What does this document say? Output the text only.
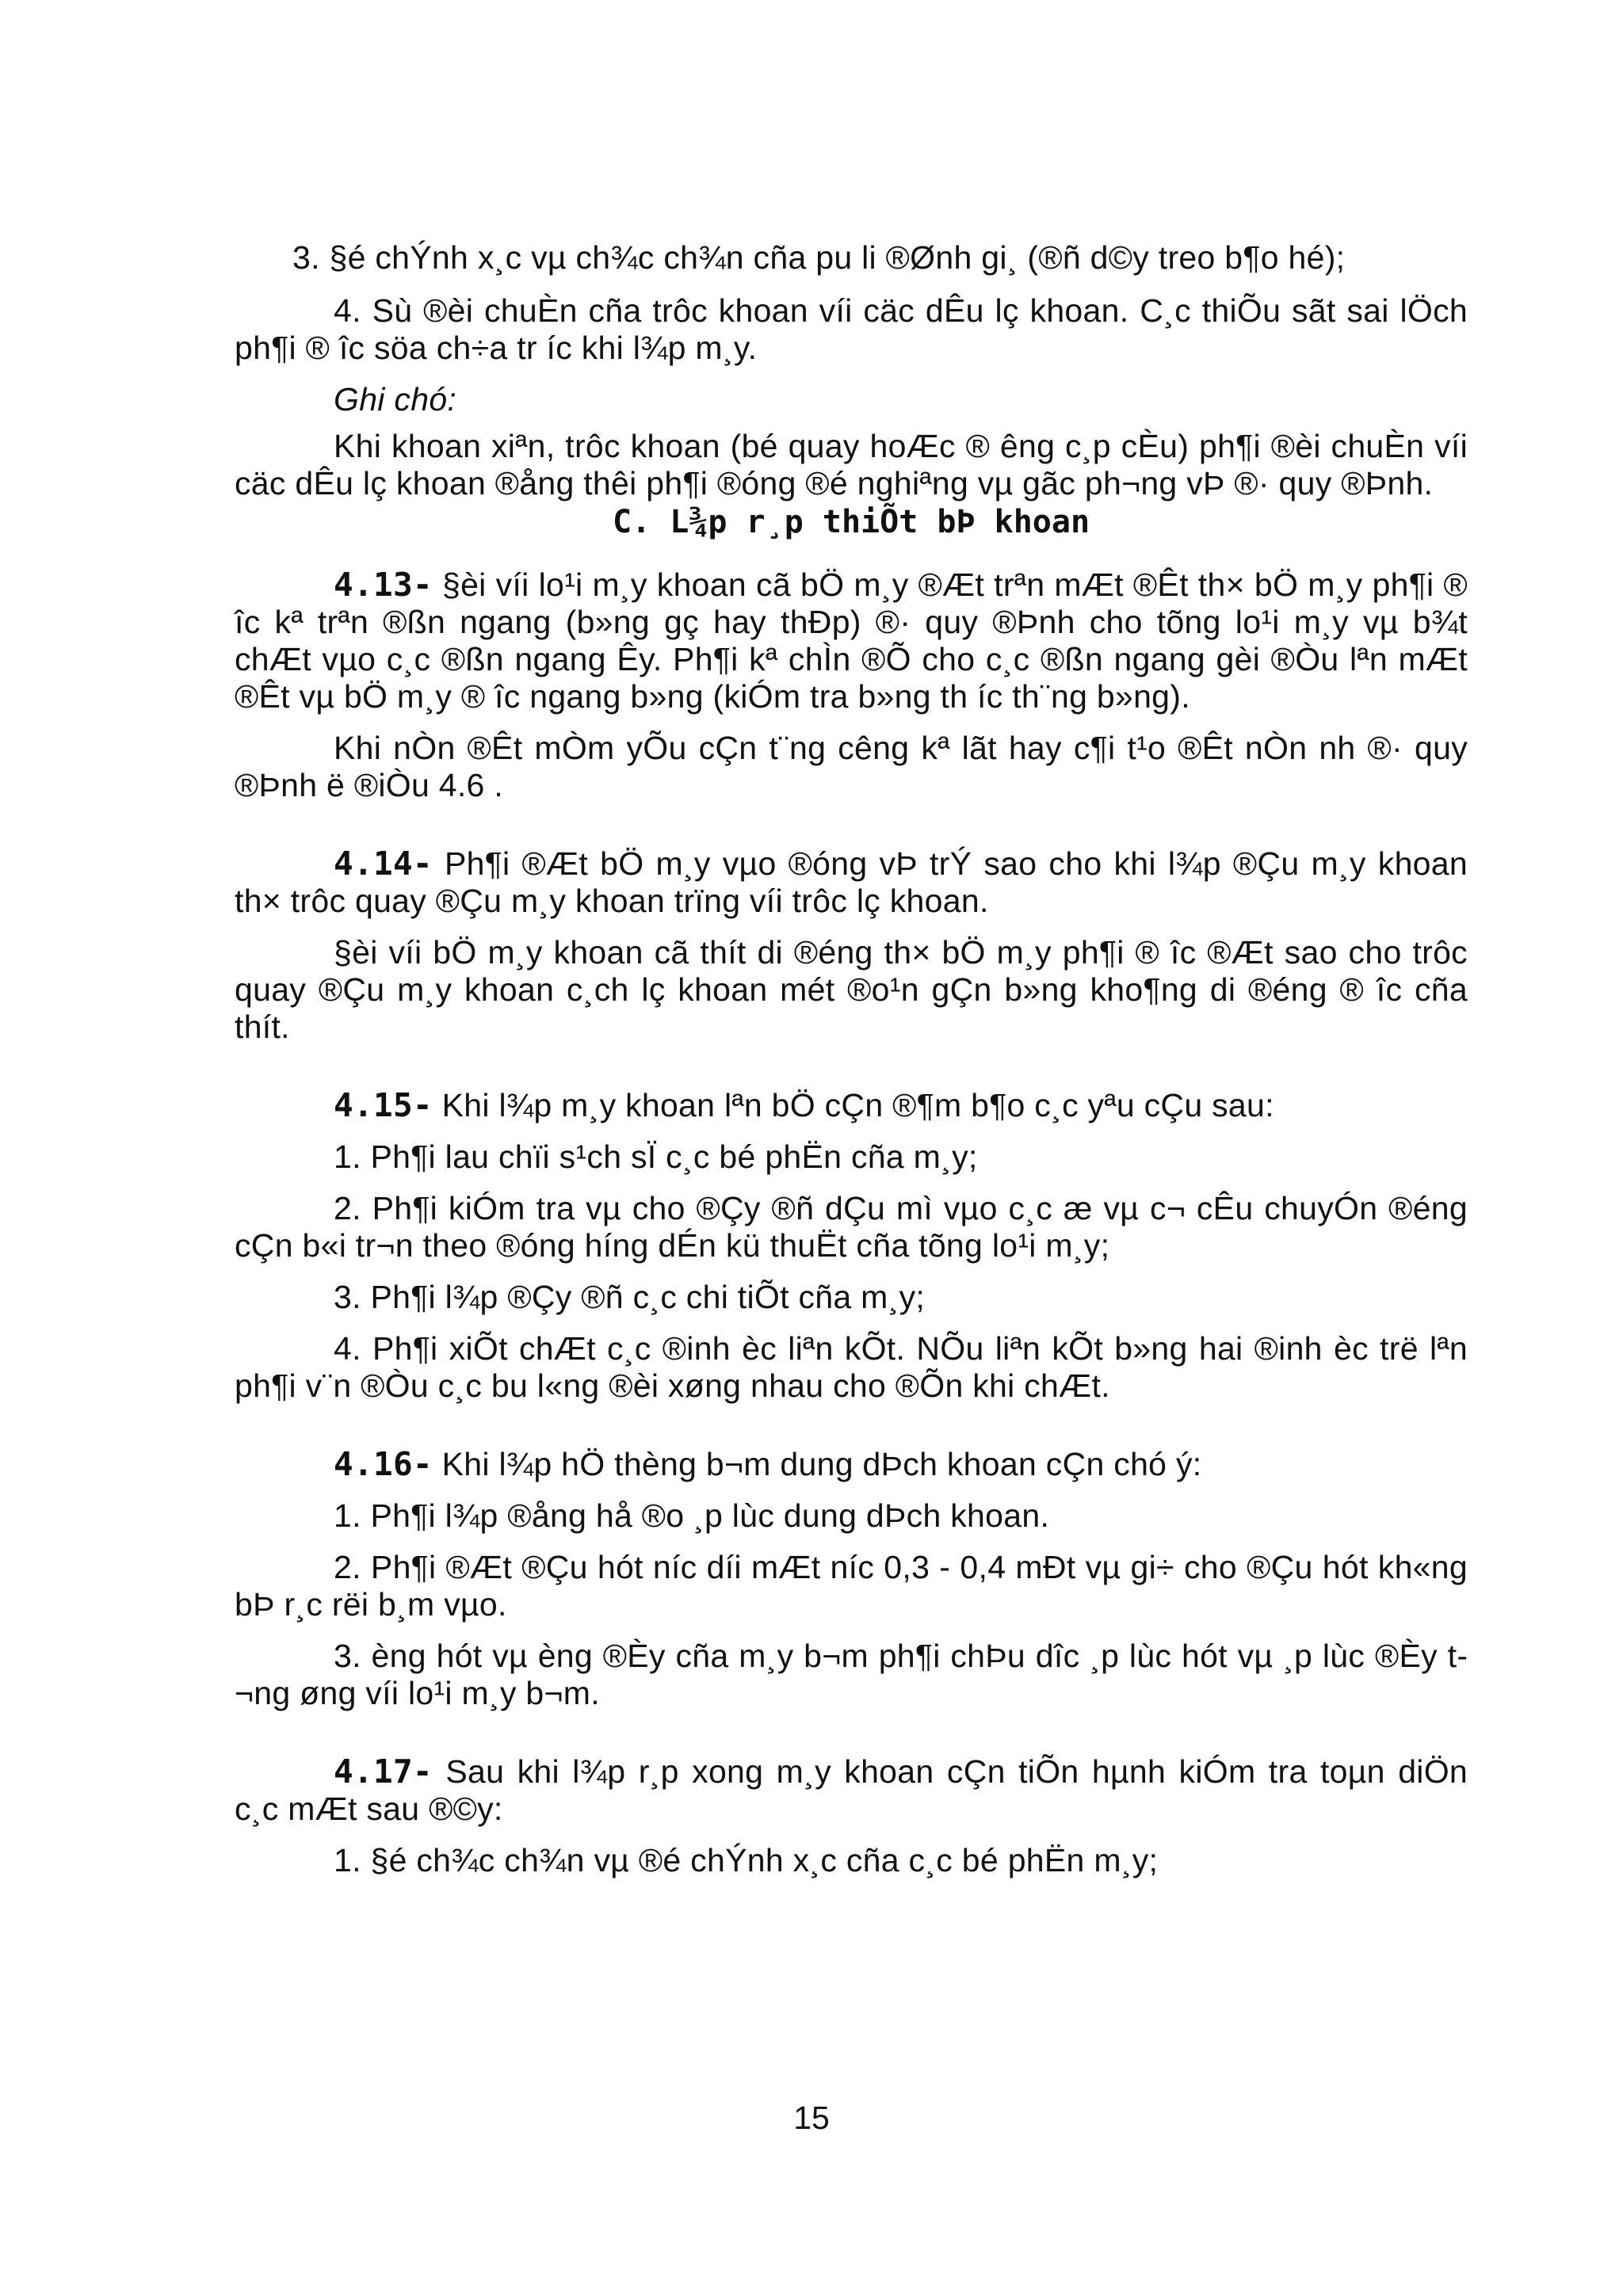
3. §é chÝnh x¸c vµ ch¾c ch¾n cña pu li ®Ønh gi¸ (®ñ d©y treo b¶o hé);

4. Sù ®èi chuÈn cña trôc khoan víi cäc dÊu lç khoan. C¸c thiÕu sãt sai lÖch ph¶i ® îc söa ch÷a tr íc khi l¾p m¸y.

Ghi chó:

Khi khoan xiªn, trôc khoan (bé quay hoÆc ® êng c¸p cÈu) ph¶i ®èi chuÈn víi cäc dÊu lç khoan ®ång thêi ph¶i ®óng ®é nghiªng vµ gãc ph¬ng vÞ ®· quy ®Þnh.

C. L¾p r¸p thiÕt bÞ khoan

4.13- §èi víi lo¹i m¸y khoan cã bÖ m¸y ®Æt trªn mÆt ®Êt th× bÖ m¸y ph¶i ® îc kª trªn ®ßn ngang (b»ng gç hay thÐp) ®· quy ®Þnh cho tõng lo¹i m¸y vµ b¾t chÆt vµo c¸c ®ßn ngang Êy. Ph¶i kª chÌn ®Õ cho c¸c ®ßn ngang gèi ®Òu lªn mÆt ®Êt vµ bÖ m¸y ® îc ngang b»ng (kiÓm tra b»ng th íc th¨ng b»ng).

Khi nÒn ®Êt mÒm yÕu cÇn t¨ng cêng kª lãt hay c¶i t¹o ®Êt nÒn nh ®· quy ®Þnh ë ®iÒu 4.6 .

4.14- Ph¶i ®Æt bÖ m¸y vµo ®óng vÞ trÝ sao cho khi l¾p ®Çu m¸y khoan th× trôc quay ®Çu m¸y khoan trïng víi trôc lç khoan.

§èi víi bÖ m¸y khoan cã thít di ®éng th× bÖ m¸y ph¶i ® îc ®Æt sao cho trôc quay ®Çu m¸y khoan c¸ch lç khoan mét ®o¹n gÇn b»ng kho¶ng di ®éng ® îc cña thít.

4.15- Khi l¾p m¸y khoan lªn bÖ cÇn ®¶m b¶o c¸c yªu cÇu sau:

1. Ph¶i lau chïi s¹ch sÏ c¸c bé phËn cña m¸y;

2. Ph¶i kiÓm tra vµ cho ®Çy ®ñ dÇu mì vµo c¸c æ vµ c¬ cÊu chuyÓn ®éng cÇn b«i tr¬n theo ®óng híng dÉn kü thuËt cña tõng lo¹i m¸y;

3. Ph¶i l¾p ®Çy ®ñ c¸c chi tiÕt cña m¸y;

4. Ph¶i xiÕt chÆt c¸c ®inh èc liªn kÕt. NÕu liªn kÕt b»ng hai ®inh èc trë lªn ph¶i v¨n ®Òu c¸c bu l«ng ®èi xøng nhau cho ®Õn khi chÆt.

4.16- Khi l¾p hÖ thèng b¬m dung dÞch khoan cÇn chó ý:

1. Ph¶i l¾p ®ång hå ®o ¸p lùc dung dÞch khoan.

2. Ph¶i ®Æt ®Çu hót níc díi mÆt níc 0,3 - 0,4 mÐt vµ gi÷ cho ®Çu hót kh«ng bÞ r¸c rëi b¸m vµo.

3. èng hót vµ èng ®Èy cña m¸y b¬m ph¶i chÞu dîc ¸p lùc hót vµ ¸p lùc ®Èy t¬ng øng víi lo¹i m¸y b¬m.

4.17- Sau khi l¾p r¸p xong m¸y khoan cÇn tiÕn hµnh kiÓm tra toµn diÖn c¸c mÆt sau ®©y:

1. §é ch¾c ch¾n vµ ®é chÝnh x¸c cña c¸c bé phËn m¸y;

15
